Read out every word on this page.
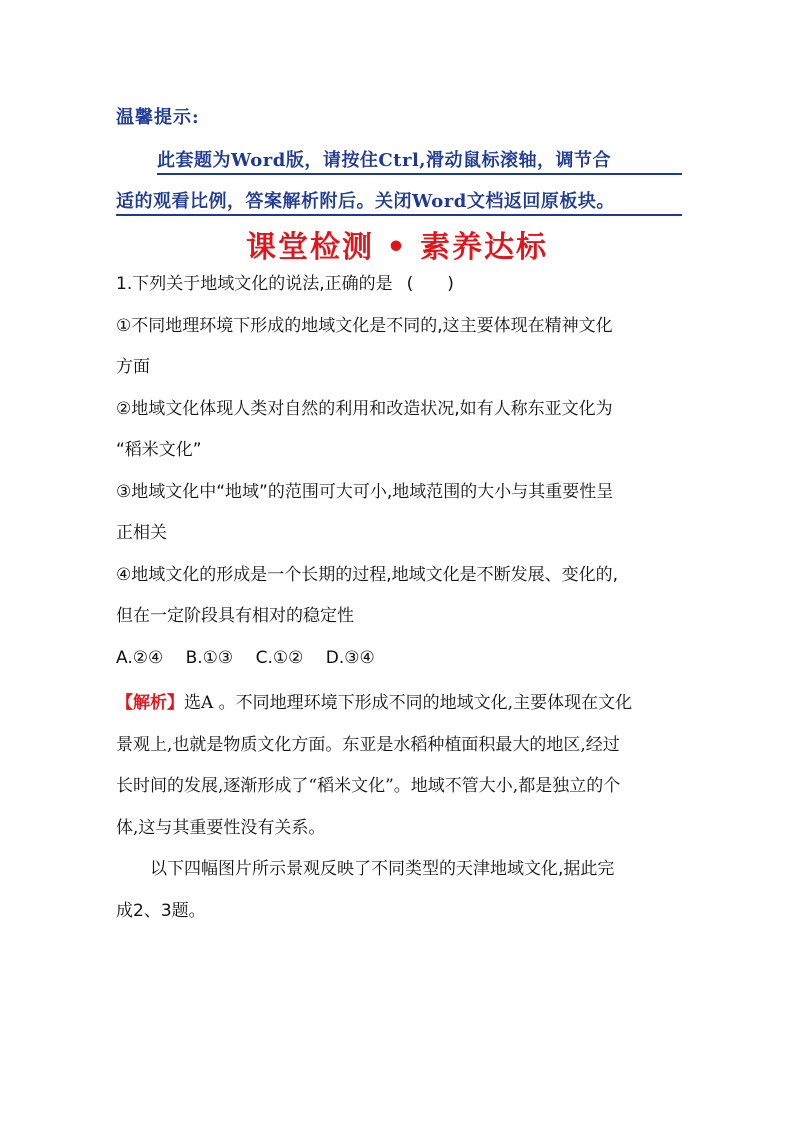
温馨提示:
此套题为Word版，请按住Ctrl,滑动鼠标滚轴，调节合
适的观看比例，答案解析附后。关闭Word文档返回原板块。
课堂检测 • 素养达标
1.下列关于地域文化的说法,正确的是 (　　)
①不同地理环境下形成的地域文化是不同的,这主要体现在精神文化
方面
②地域文化体现人类对自然的利用和改造状况,如有人称东亚文化为
“稻米文化”
③地域文化中“地域”的范围可大可小,地域范围的大小与其重要性呈
正相关
④地域文化的形成是一个长期的过程,地域文化是不断发展、变化的,
但在一定阶段具有相对的稳定性
A.②④　 B.①③　 C.①②　 D.③④
【解析】选A 。不同地理环境下形成不同的地域文化,主要体现在文化
景观上,也就是物质文化方面。东亚是水稻种植面积最大的地区,经过
长时间的发展,逐渐形成了“稻米文化”。地域不管大小,都是独立的个
体,这与其重要性没有关系。
以下四幅图片所示景观反映了不同类型的天津地域文化,据此完
成2、3题。
